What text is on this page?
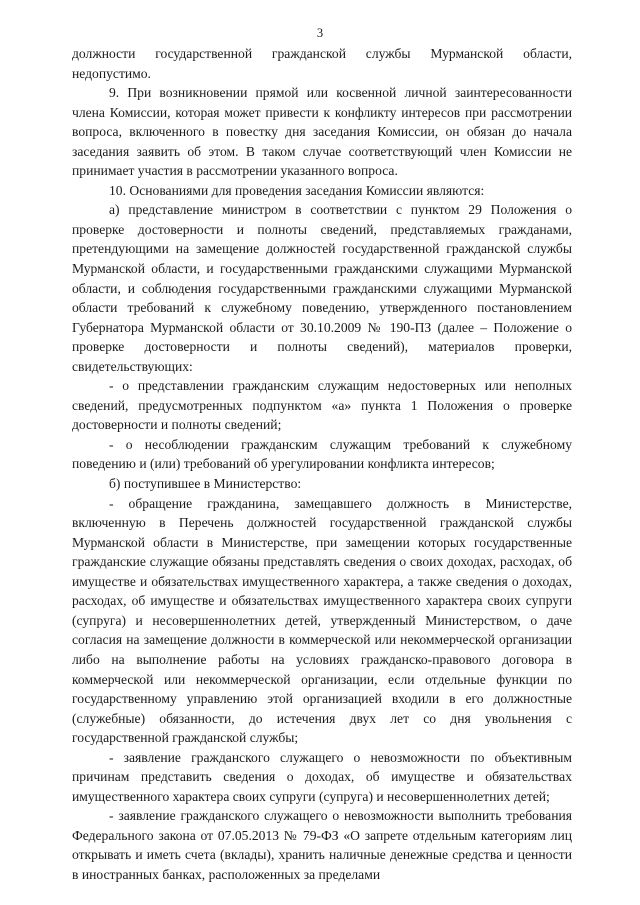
3

должности государственной гражданской службы Мурманской области, недопустимо.

9. При возникновении прямой или косвенной личной заинтересованности члена Комиссии, которая может привести к конфликту интересов при рассмотрении вопроса, включенного в повестку дня заседания Комиссии, он обязан до начала заседания заявить об этом. В таком случае соответствующий член Комиссии не принимает участия в рассмотрении указанного вопроса.

10. Основаниями для проведения заседания Комиссии являются:

а) представление министром в соответствии с пунктом 29 Положения о проверке достоверности и полноты сведений, представляемых гражданами, претендующими на замещение должностей государственной гражданской службы Мурманской области, и государственными гражданскими служащими Мурманской области, и соблюдения государственными гражданскими служащими Мурманской области требований к служебному поведению, утвержденного постановлением Губернатора Мурманской области от 30.10.2009 № 190-ПЗ (далее – Положение о проверке достоверности и полноты сведений), материалов проверки, свидетельствующих:

- о представлении гражданским служащим недостоверных или неполных сведений, предусмотренных подпунктом «а» пункта 1 Положения о проверке достоверности и полноты сведений;

- о несоблюдении гражданским служащим требований к служебному поведению и (или) требований об урегулировании конфликта интересов;

б) поступившее в Министерство:

- обращение гражданина, замещавшего должность в Министерстве, включенную в Перечень должностей государственной гражданской службы Мурманской области в Министерстве, при замещении которых государственные гражданские служащие обязаны представлять сведения о своих доходах, расходах, об имуществе и обязательствах имущественного характера, а также сведения о доходах, расходах, об имуществе и обязательствах имущественного характера своих супруги (супруга) и несовершеннолетних детей, утвержденный Министерством, о даче согласия на замещение должности в коммерческой или некоммерческой организации либо на выполнение работы на условиях гражданско-правового договора в коммерческой или некоммерческой организации, если отдельные функции по государственному управлению этой организацией входили в его должностные (служебные) обязанности, до истечения двух лет со дня увольнения с государственной гражданской службы;

- заявление гражданского служащего о невозможности по объективным причинам представить сведения о доходах, об имуществе и обязательствах имущественного характера своих супруги (супруга) и несовершеннолетних детей;

- заявление гражданского служащего о невозможности выполнить требования Федерального закона от 07.05.2013 № 79-ФЗ «О запрете отдельным категориям лиц открывать и иметь счета (вклады), хранить наличные денежные средства и ценности в иностранных банках, расположенных за пределами
